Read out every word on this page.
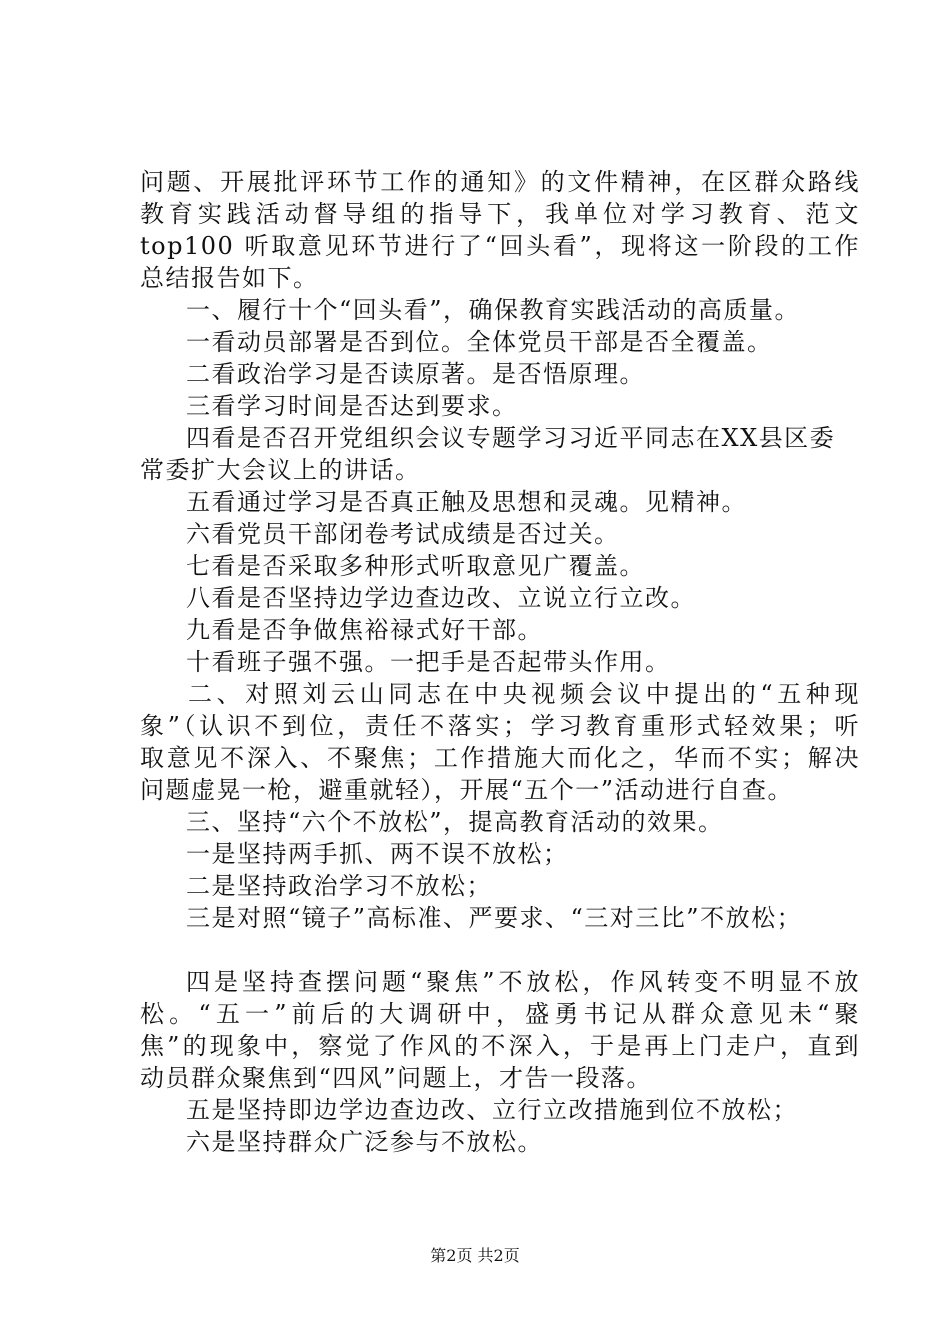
问题、开展批评环节工作的通知》的文件精神，在区群众路线
教育实践活动督导组的指导下，我单位对学习教育、范文
top100 听取意见环节进行了“回头看”，现将这一阶段的工作
总结报告如下。
一、履行十个“回头看”，确保教育实践活动的高质量。
一看动员部署是否到位。全体党员干部是否全覆盖。
二看政治学习是否读原著。是否悟原理。
三看学习时间是否达到要求。
四看是否召开党组织会议专题学习习近平同志在XX县区委
常委扩大会议上的讲话。
五看通过学习是否真正触及思想和灵魂。见精神。
六看党员干部闭卷考试成绩是否过关。
七看是否采取多种形式听取意见广覆盖。
八看是否坚持边学边查边改、立说立行立改。
九看是否争做焦裕禄式好干部。
十看班子强不强。一把手是否起带头作用。
二、对照刘云山同志在中央视频会议中提出的“五种现
象”（认识不到位，责任不落实；学习教育重形式轻效果；听
取意见不深入、不聚焦；工作措施大而化之，华而不实；解决
问题虚晃一枪，避重就轻），开展“五个一”活动进行自查。
三、坚持“六个不放松”，提高教育活动的效果。
一是坚持两手抓、两不误不放松；
二是坚持政治学习不放松；
三是对照“镜子”高标准、严要求、“三对三比”不放松；
四是坚持查摆问题“聚焦”不放松，作风转变不明显不放
松。“五一”前后的大调研中，盛勇书记从群众意见未“聚
焦”的现象中，察觉了作风的不深入，于是再上门走户，直到
动员群众聚焦到“四风”问题上，才告一段落。
五是坚持即边学边查边改、立行立改措施到位不放松；
六是坚持群众广泛参与不放松。
第2页 共2页
